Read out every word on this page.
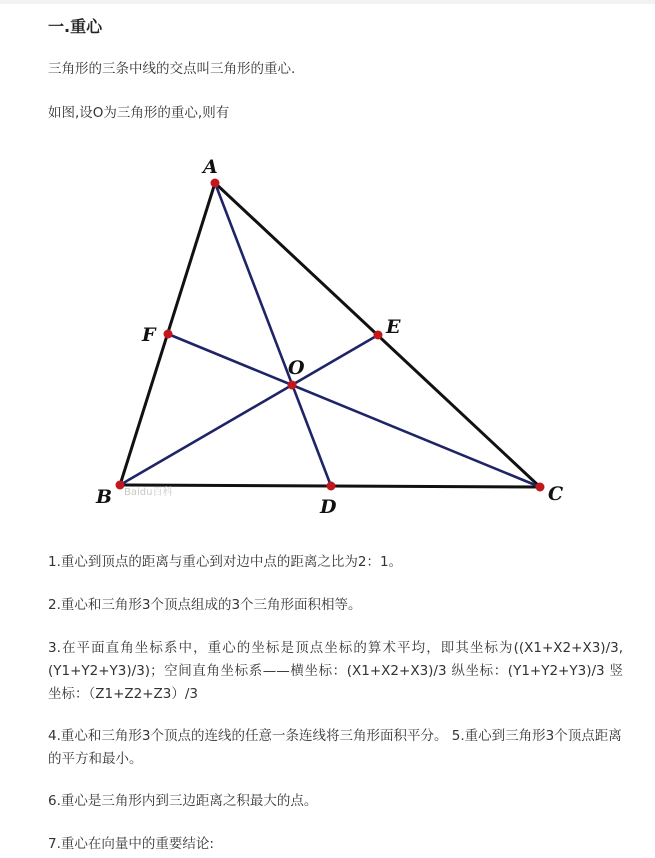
一.重心
三角形的三条中线的交点叫三角形的重心.
如图,设O为三角形的重心,则有
1.重心到顶点的距离与重心到对边中点的距离之比为2：1。
2.重心和三角形3个顶点组成的3个三角形面积相等。
3.在平面直角坐标系中，重心的坐标是顶点坐标的算术平均，即其坐标为((X1+X2+X3)/3,(Y1+Y2+Y3)/3)；空间直角坐标系——横坐标：(X1+X2+X3)/3 纵坐标：(Y1+Y2+Y3)/3 竖坐标：（Z1+Z2+Z3）/3
4.重心和三角形3个顶点的连线的任意一条连线将三角形面积平分。 5.重心到三角形3个顶点距离的平方和最小。
6.重心是三角形内到三边距离之积最大的点。
7.重心在向量中的重要结论:
A
B	C
D
E
F
O
Baidu百科
